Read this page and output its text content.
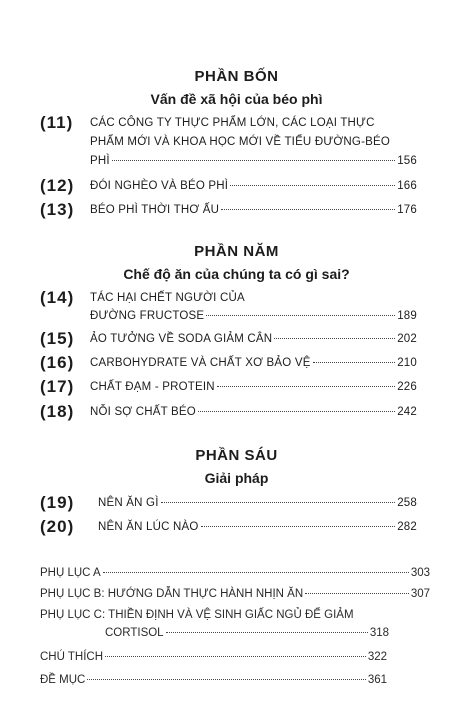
PHẦN BỐN
Vấn đề xã hội của béo phì
(11) CÁC CÔNG TY THỰC PHẨM LỚN, CÁC LOẠI THỰC
PHẨM MỚI VÀ KHOA HỌC MỚI VỀ TIỂU ĐƯỜNG-BÉO
PHÌ	156
(12) ĐÓI NGHÈO VÀ BÉO PHÌ	166
(13) BÉO PHÌ THỜI THƠ ẤU	176
PHẦN NĂM
Chế độ ăn của chúng ta có gì sai?
(14) TÁC HẠI CHẾT NGƯỜI CỦA
ĐƯỜNG FRUCTOSE	189
(15) ẢO TƯỞNG VỀ SODA GIẢM CÂN	202
(16) CARBOHYDRATE VÀ CHẤT XƠ BẢO VỆ	210
(17) CHẤT ĐẠM - PROTEIN	226
(18) NỖI SỢ CHẤT BÉO	242
PHẦN SÁU
Giải pháp
(19) NÊN ĂN GÌ	258
(20) NÊN ĂN LÚC NÀO	282
PHỤ LỤC A	303
PHỤ LỤC B: HƯỚNG DẪN THỰC HÀNH NHỊN ĂN	307
PHỤ LỤC C: THIỀN ĐỊNH VÀ VỆ SINH GIẤC NGỦ ĐỂ GIẢM
CORTISOL	318
CHÚ THÍCH	322
ĐỀ MỤC	361
